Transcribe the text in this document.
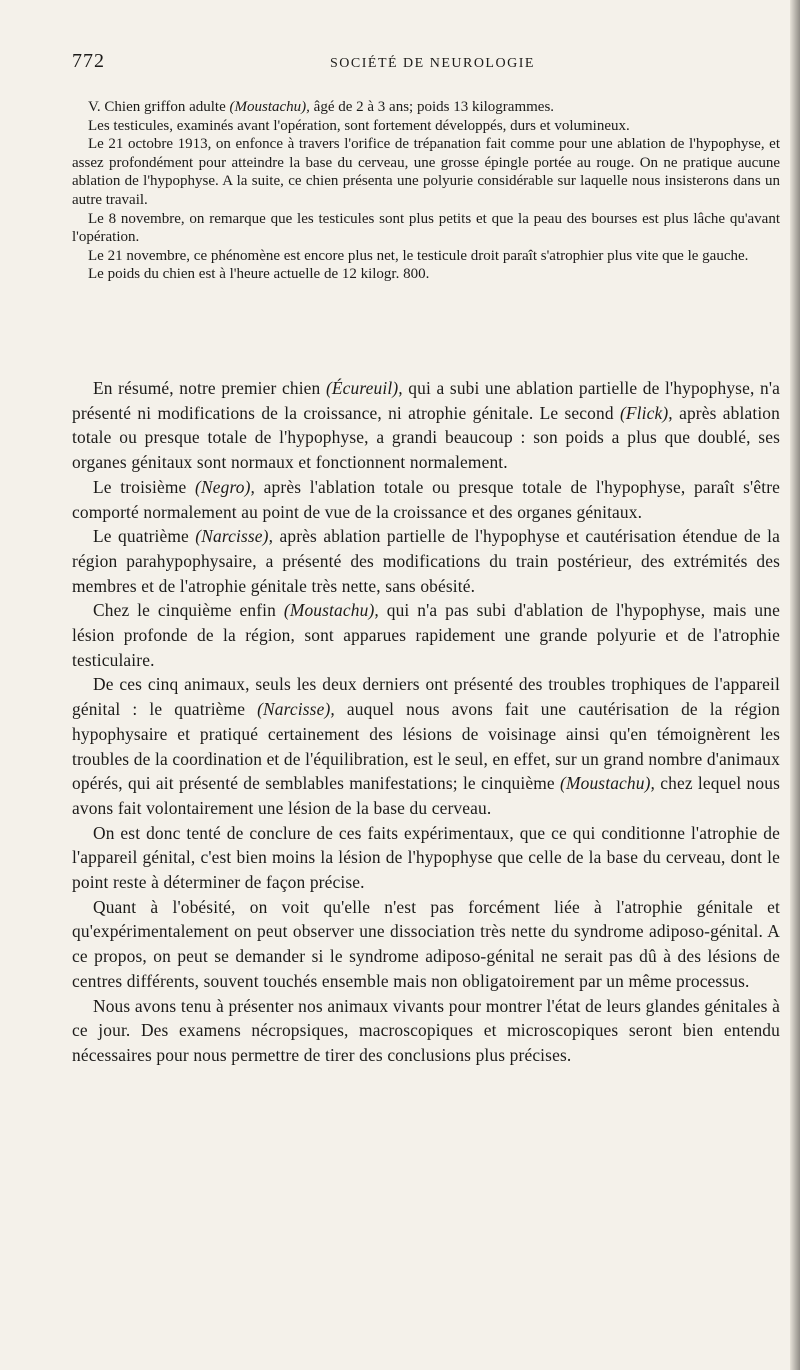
772	SOCIÉTÉ DE NEUROLOGIE

V. Chien griffon adulte (Moustachu), âgé de 2 à 3 ans; poids 13 kilogrammes.

Les testicules, examinés avant l'opération, sont fortement développés, durs et volumineux.

Le 21 octobre 1913, on enfonce à travers l'orifice de trépanation fait comme pour une ablation de l'hypophyse, et assez profondément pour atteindre la base du cerveau, une grosse épingle portée au rouge. On ne pratique aucune ablation de l'hypophyse. A la suite, ce chien présenta une polyurie considérable sur laquelle nous insisterons dans un autre travail.

Le 8 novembre, on remarque que les testicules sont plus petits et que la peau des bourses est plus lâche qu'avant l'opération.

Le 21 novembre, ce phénomène est encore plus net, le testicule droit paraît s'atrophier plus vite que le gauche.

Le poids du chien est à l'heure actuelle de 12 kilogr. 800.

En résumé, notre premier chien (Écureuil), qui a subi une ablation partielle de l'hypophyse, n'a présenté ni modifications de la croissance, ni atrophie génitale. Le second (Flick), après ablation totale ou presque totale de l'hypophyse, a grandi beaucoup : son poids a plus que doublé, ses organes génitaux sont normaux et fonctionnent normalement.

Le troisième (Negro), après l'ablation totale ou presque totale de l'hypophyse, paraît s'être comporté normalement au point de vue de la croissance et des organes génitaux.

Le quatrième (Narcisse), après ablation partielle de l'hypophyse et cautérisation étendue de la région parahypophysaire, a présenté des modifications du train postérieur, des extrémités des membres et de l'atrophie génitale très nette, sans obésité.

Chez le cinquième enfin (Moustachu), qui n'a pas subi d'ablation de l'hypophyse, mais une lésion profonde de la région, sont apparues rapidement une grande polyurie et de l'atrophie testiculaire.

De ces cinq animaux, seuls les deux derniers ont présenté des troubles trophiques de l'appareil génital : le quatrième (Narcisse), auquel nous avons fait une cautérisation de la région hypophysaire et pratiqué certainement des lésions de voisinage ainsi qu'en témoignèrent les troubles de la coordination et de l'équilibration, est le seul, en effet, sur un grand nombre d'animaux opérés, qui ait présenté de semblables manifestations; le cinquième (Moustachu), chez lequel nous avons fait volontairement une lésion de la base du cerveau.

On est donc tenté de conclure de ces faits expérimentaux, que ce qui conditionne l'atrophie de l'appareil génital, c'est bien moins la lésion de l'hypophyse que celle de la base du cerveau, dont le point reste à déterminer de façon précise.

Quant à l'obésité, on voit qu'elle n'est pas forcément liée à l'atrophie génitale et qu'expérimentalement on peut observer une dissociation très nette du syndrome adiposo-génital. A ce propos, on peut se demander si le syndrome adiposo-génital ne serait pas dû à des lésions de centres différents, souvent touchés ensemble mais non obligatoirement par un même processus.

Nous avons tenu à présenter nos animaux vivants pour montrer l'état de leurs glandes génitales à ce jour. Des examens nécropsiques, macroscopiques et microscopiques seront bien entendu nécessaires pour nous permettre de tirer des conclusions plus précises.
